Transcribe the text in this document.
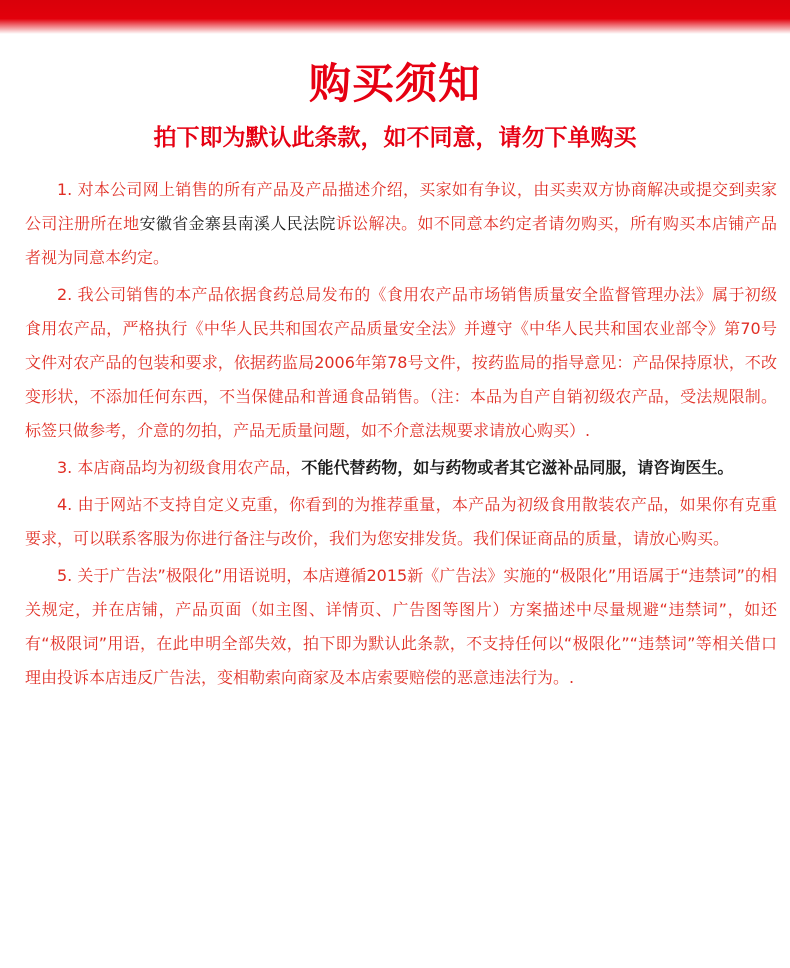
购买须知
拍下即为默认此条款，如不同意，请勿下单购买

1. 对本公司网上销售的所有产品及产品描述介绍，买家如有争议，由买卖双方协商解决或提交到卖家公司注册所在地安徽省金寨县南溪人民法院诉讼解决。如不同意本约定者请勿购买，所有购买本店铺产品者视为同意本约定。

2. 我公司销售的本产品依据食药总局发布的《食用农产品市场销售质量安全监督管理办法》属于初级食用农产品，严格执行《中华人民共和国农产品质量安全法》并遵守《中华人民共和国农业部令》第70号文件对农产品的包装和要求，依据药监局2006年第78号文件，按药监局的指导意见：产品保持原状，不改变形状，不添加任何东西，不当保健品和普通食品销售。（注：本品为自产自销初级农产品，受法规限制。标签只做参考，介意的勿拍，产品无质量问题，如不介意法规要求请放心购买）.

3. 本店商品均为初级食用农产品，不能代替药物，如与药物或者其它滋补品同服，请咨询医生。

4. 由于网站不支持自定义克重，你看到的为推荐重量，本产品为初级食用散装农产品，如果你有克重要求，可以联系客服为你进行备注与改价，我们为您安排发货。我们保证商品的质量，请放心购买。

5. 关于广告法”极限化”用语说明，本店遵循2015新《广告法》实施的“极限化”用语属于“违禁词”的相关规定，并在店铺，产品页面（如主图、详情页、广告图等图片）方案描述中尽量规避“违禁词”，如还有“极限词”用语，在此申明全部失效，拍下即为默认此条款，不支持任何以“极限化”“违禁词”等相关借口理由投诉本店违反广告法，变相勒索向商家及本店索要赔偿的恶意违法行为。.
